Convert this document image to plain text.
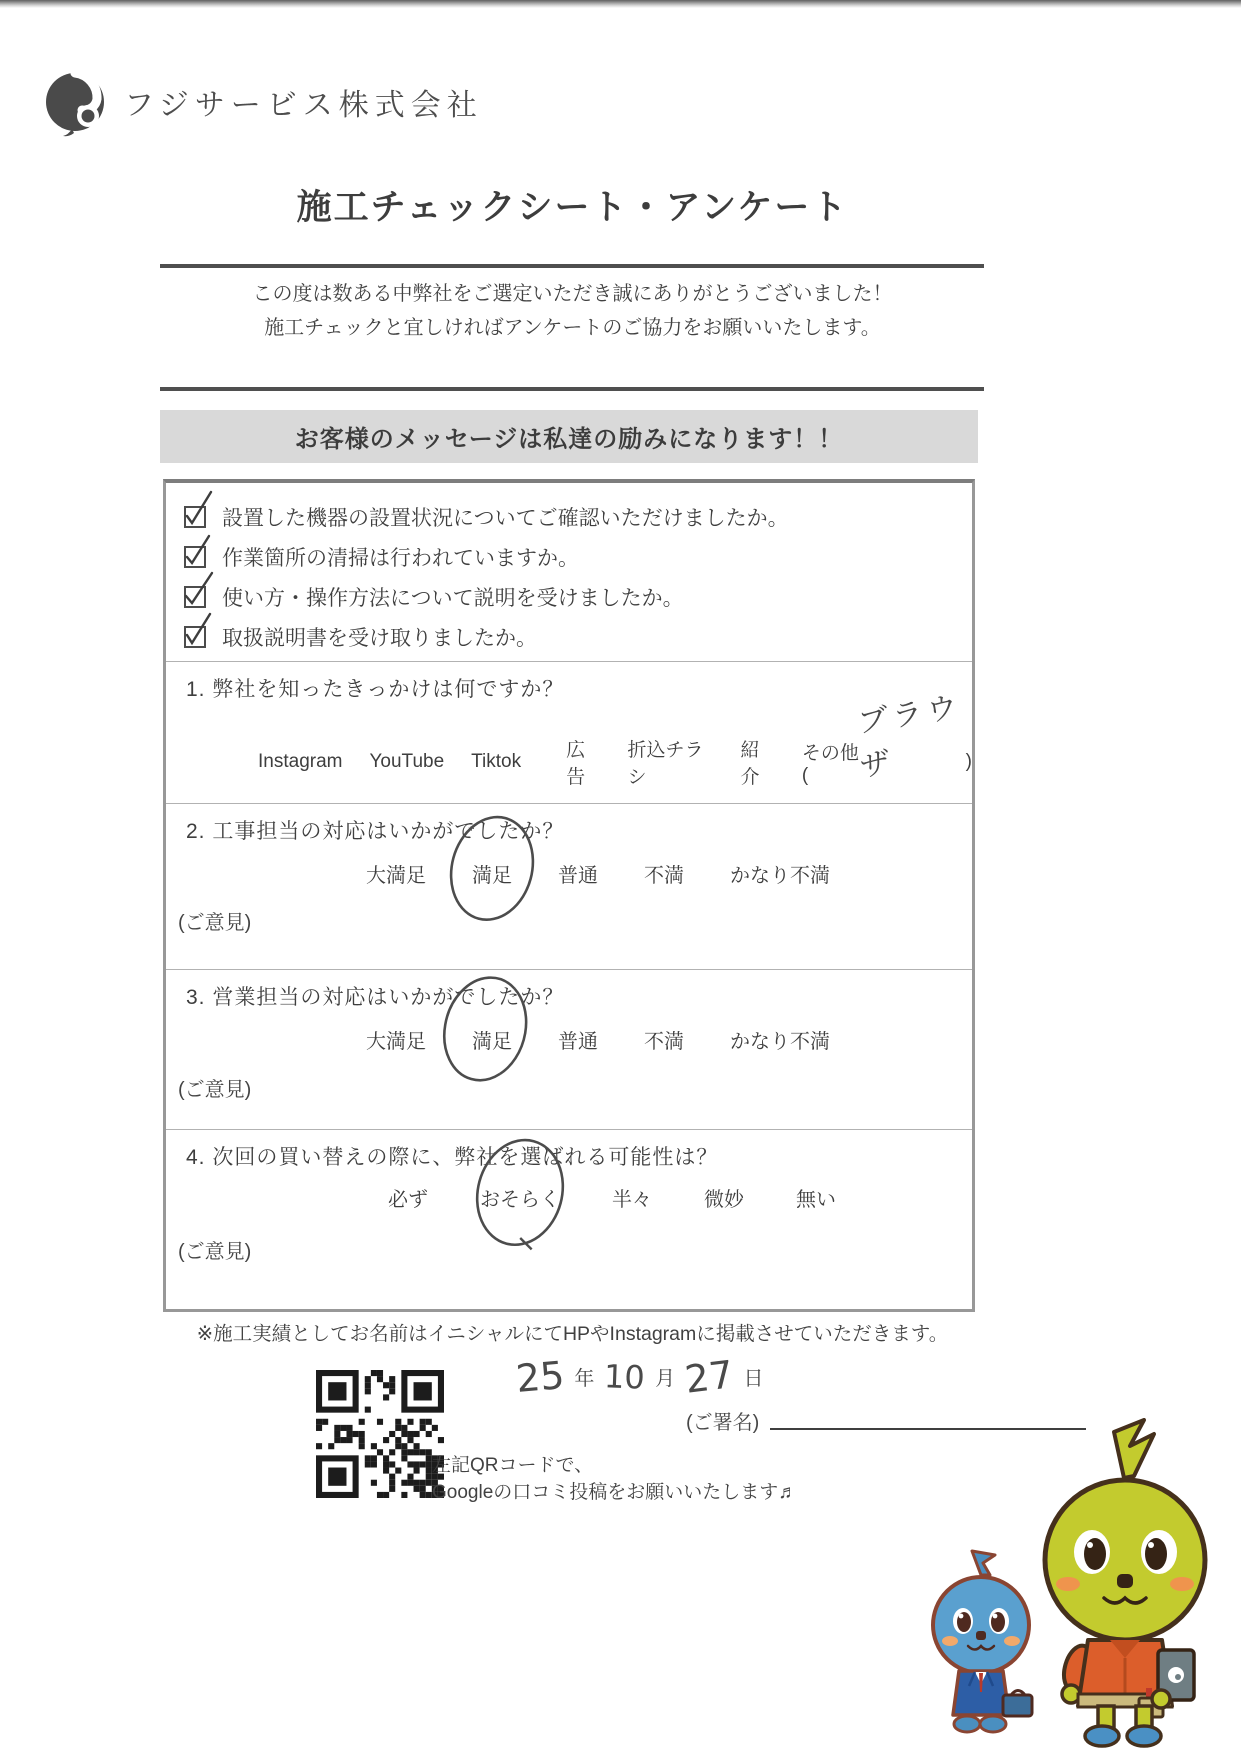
フジサービス株式会社
施工チェックシート・アンケート
この度は数ある中弊社をご選定いただき誠にありがとうございました！
施工チェックと宜しければアンケートのご協力をお願いいたします。
お客様のメッセージは私達の励みになります！！
設置した機器の設置状況についてご確認いただけましたか。
作業箇所の清掃は行われていますか。
使い方・操作方法について説明を受けましたか。
取扱説明書を受け取りましたか。
1. 弊社を知ったきっかけは何ですか？	ブラウザ
Instagram YouTube Tiktok
広告
折込チラシ
紹介
その他(
)
2. 工事担当の対応はいかがでしたか？
大満足 満足 普通 不満 かなり不満
(ご意見)
3. 営業担当の対応はいかがでしたか？
大満足 満足 普通 不満 かなり不満
(ご意見)
4. 次回の買い替えの際に、弊社を選ばれる可能性は？
必ず	おそらく	半々	微妙	無い
(ご意見)
※施工実績としてお名前はイニシャルにてHPやInstagramに掲載させていただきます。
25 年 10 月 27 日
(ご署名)
左記QRコードで、
Googleの口コミ投稿をお願いいたします♬
